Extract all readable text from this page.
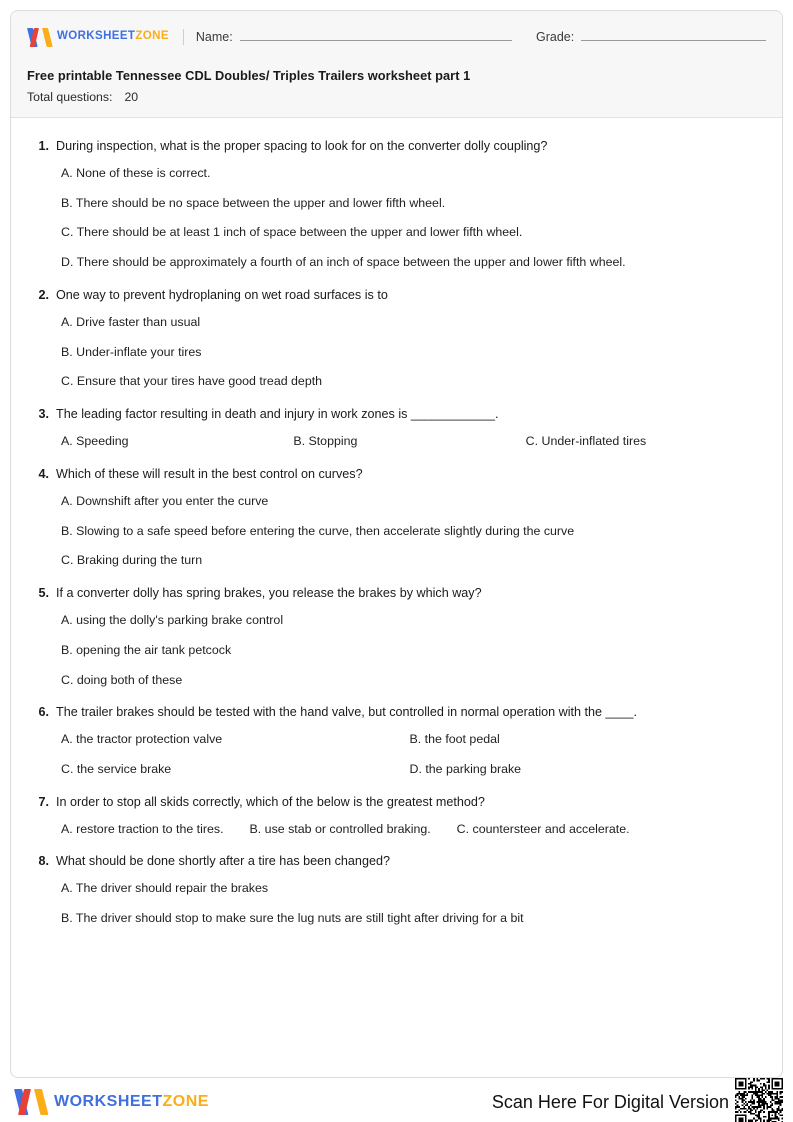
WORKSHEETZONE Name:	Grade:
Free printable Tennessee CDL Doubles/ Triples Trailers worksheet part 1
Total questions: 20
1. During inspection, what is the proper spacing to look for on the converter dolly coupling?
A. None of these is correct.
B. There should be no space between the upper and lower fifth wheel.
C. There should be at least 1 inch of space between the upper and lower fifth wheel.
D. There should be approximately a fourth of an inch of space between the upper and lower fifth wheel.
2. One way to prevent hydroplaning on wet road surfaces is to
A. Drive faster than usual
B. Under-inflate your tires
C. Ensure that your tires have good tread depth
3. The leading factor resulting in death and injury in work zones is ____________.
A. Speeding	B. Stopping	C. Under-inflated tires
4. Which of these will result in the best control on curves?
A. Downshift after you enter the curve
B. Slowing to a safe speed before entering the curve, then accelerate slightly during the curve
C. Braking during the turn
5. If a converter dolly has spring brakes, you release the brakes by which way?
A. using the dolly's parking brake control
B. opening the air tank petcock
C. doing both of these
6. The trailer brakes should be tested with the hand valve, but controlled in normal operation with the ____.
A. the tractor protection valve	B. the foot pedal
C. the service brake	D. the parking brake
7. In order to stop all skids correctly, which of the below is the greatest method?
A. restore traction to the tires. B. use stab or controlled braking. C. countersteer and accelerate.
8. What should be done shortly after a tire has been changed?
A. The driver should repair the brakes
B. The driver should stop to make sure the lug nuts are still tight after driving for a bit
WORKSHEETZONE	Scan Here For Digital Version
